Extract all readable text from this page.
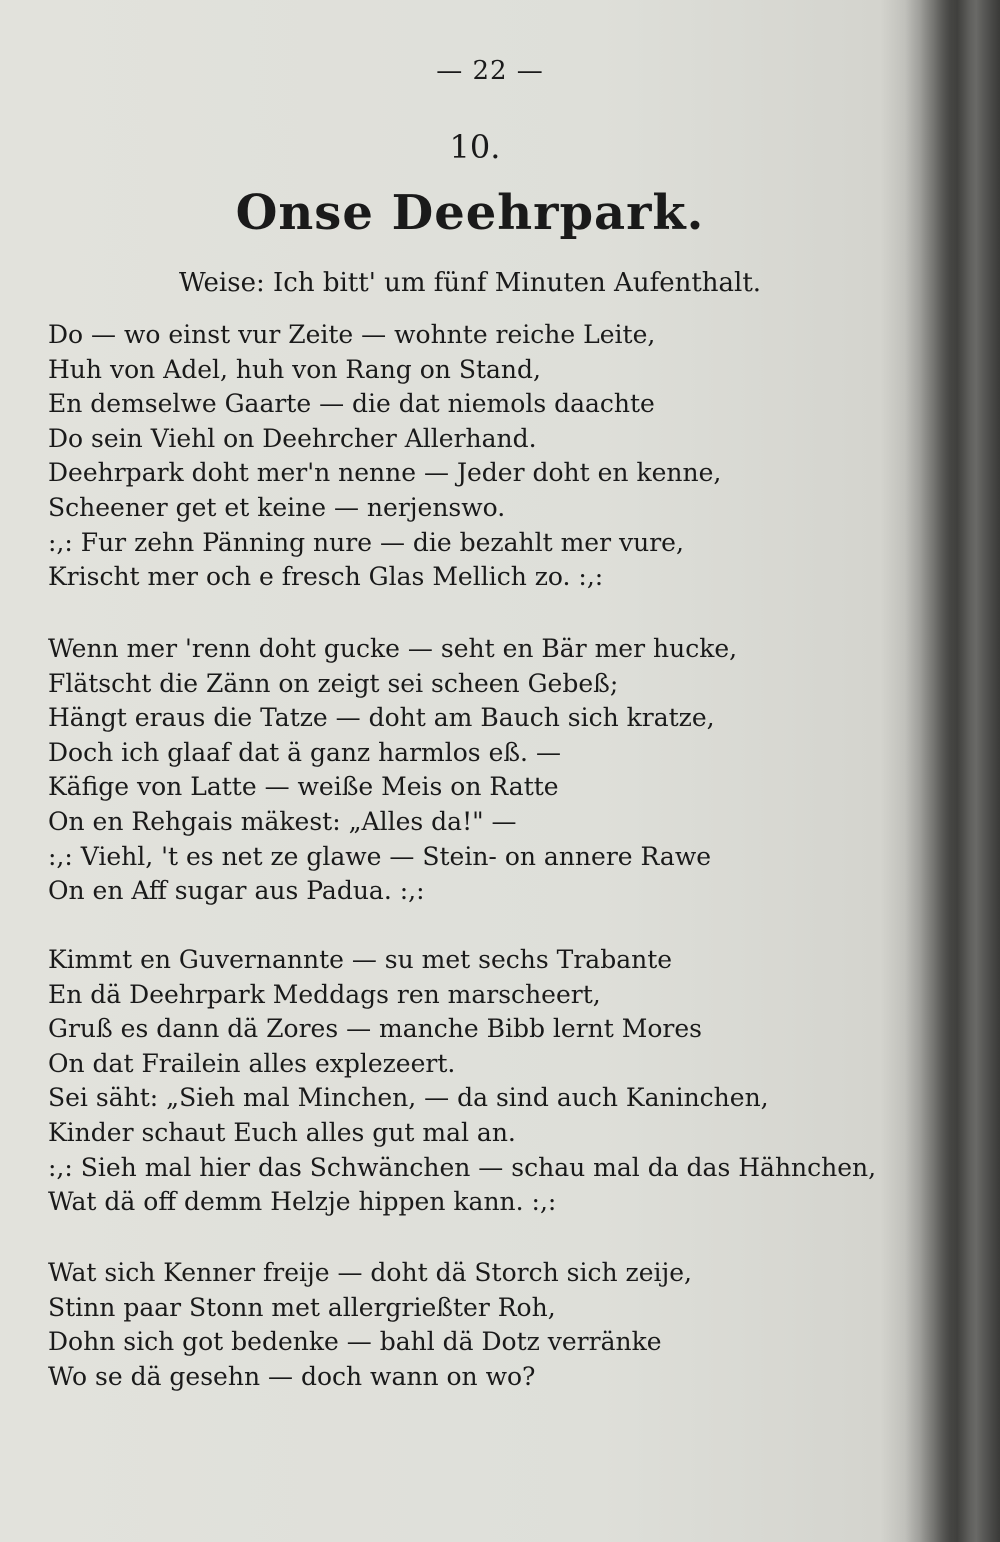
— 22 —
10.
Onse Deehrpark.
Weise: Ich bitt' um fünf Minuten Aufenthalt.
Do — wo einst vur Zeite — wohnte reiche Leite,
Huh von Adel, huh von Rang on Stand,
En demselwe Gaarte — die dat niemols daachte
Do sein Viehl on Deehrcher Allerhand.
Deehrpark doht mer'n nenne — Jeder doht en kenne,
Scheener get et keine — nerjenswo.
:,: Fur zehn Pänning nure — die bezahlt mer vure,
Krischt mer och e fresch Glas Mellich zo. :,:
Wenn mer 'renn doht gucke — seht en Bär mer hucke,
Flätscht die Zänn on zeigt sei scheen Gebeß;
Hängt eraus die Tatze — doht am Bauch sich kratze,
Doch ich glaaf dat ä ganz harmlos eß. —
Käfige von Latte — weiße Meis on Ratte
On en Rehgais mäkest: „Alles da!" —
:,: Viehl, 't es net ze glawe — Stein- on annere Rawe
On en Aff sugar aus Padua. :,:
Kimmt en Guvernannte — su met sechs Trabante
En dä Deehrpark Meddags ren marscheert,
Gruß es dann dä Zores — manche Bibb lernt Mores
On dat Frailein alles explezeert.
Sei säht: „Sieh mal Minchen, — da sind auch Kaninchen,
Kinder schaut Euch alles gut mal an.
:,: Sieh mal hier das Schwänchen — schau mal da das Hähnchen,
Wat dä off demm Helzje hippen kann. :,:
Wat sich Kenner freije — doht dä Storch sich zeije,
Stinn paar Stonn met allergrießter Roh,
Dohn sich got bedenke — bahl dä Dotz verränke
Wo se dä gesehn — doch wann on wo?
